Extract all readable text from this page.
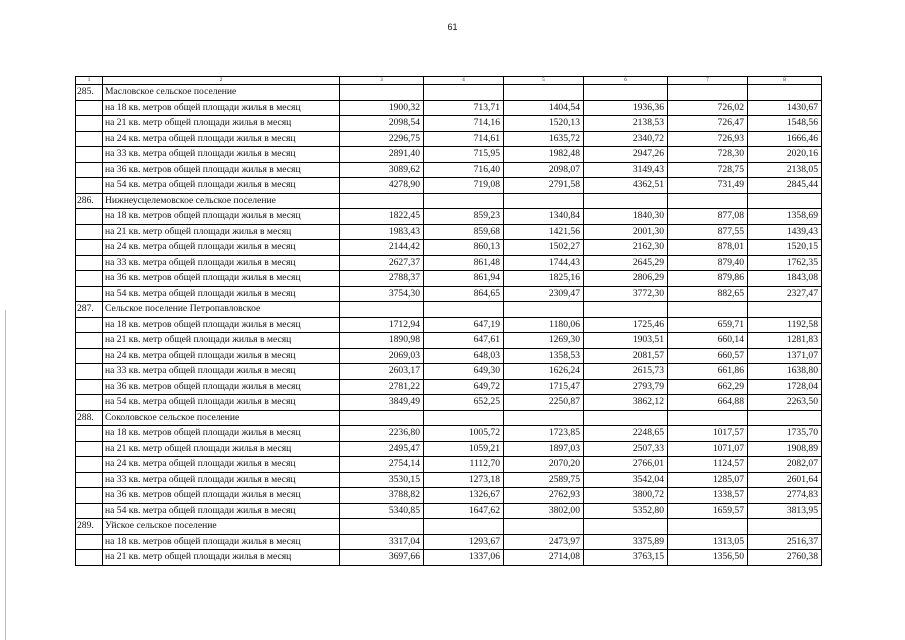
61
1	2	3	4	5	6	7	8
285.	Масловское сельское поселение						
	на 18 кв. метров общей площади жилья в месяц	1900,32	713,71	1404,54	1936,36	726,02	1430,67
	на 21 кв. метр общей площади жилья в месяц	2098,54	714,16	1520,13	2138,53	726,47	1548,56
	на 24 кв. метра общей площади жилья в месяц	2296,75	714,61	1635,72	2340,72	726,93	1666,46
	на 33 кв. метра общей площади жилья в месяц	2891,40	715,95	1982,48	2947,26	728,30	2020,16
	на 36 кв. метров общей площади жилья в месяц	3089,62	716,40	2098,07	3149,43	728,75	2138,05
	на 54 кв. метра общей площади жилья в месяц	4278,90	719,08	2791,58	4362,51	731,49	2845,44
286.	Нижнеусцелемовское сельское поселение						
	на 18 кв. метров общей площади жилья в месяц	1822,45	859,23	1340,84	1840,30	877,08	1358,69
	на 21 кв. метр общей площади жилья в месяц	1983,43	859,68	1421,56	2001,30	877,55	1439,43
	на 24 кв. метра общей площади жилья в месяц	2144,42	860,13	1502,27	2162,30	878,01	1520,15
	на 33 кв. метра общей площади жилья в месяц	2627,37	861,48	1744,43	2645,29	879,40	1762,35
	на 36 кв. метров общей площади жилья в месяц	2788,37	861,94	1825,16	2806,29	879,86	1843,08
	на 54 кв. метра общей площади жилья в месяц	3754,30	864,65	2309,47	3772,30	882,65	2327,47
287.	Сельское поселение Петропавловское						
	на 18 кв. метров общей площади жилья в месяц	1712,94	647,19	1180,06	1725,46	659,71	1192,58
	на 21 кв. метр общей площади жилья в месяц	1890,98	647,61	1269,30	1903,51	660,14	1281,83
	на 24 кв. метра общей площади жилья в месяц	2069,03	648,03	1358,53	2081,57	660,57	1371,07
	на 33 кв. метра общей площади жилья в месяц	2603,17	649,30	1626,24	2615,73	661,86	1638,80
	на 36 кв. метров общей площади жилья в месяц	2781,22	649,72	1715,47	2793,79	662,29	1728,04
	на 54 кв. метра общей площади жилья в месяц	3849,49	652,25	2250,87	3862,12	664,88	2263,50
288.	Соколовское сельское поселение						
	на 18 кв. метров общей площади жилья в месяц	2236,80	1005,72	1723,85	2248,65	1017,57	1735,70
	на 21 кв. метр общей площади жилья в месяц	2495,47	1059,21	1897,03	2507,33	1071,07	1908,89
	на 24 кв. метра общей площади жилья в месяц	2754,14	1112,70	2070,20	2766,01	1124,57	2082,07
	на 33 кв. метра общей площади жилья в месяц	3530,15	1273,18	2589,75	3542,04	1285,07	2601,64
	на 36 кв. метров общей площади жилья в месяц	3788,82	1326,67	2762,93	3800,72	1338,57	2774,83
	на 54 кв. метра общей площади жилья в месяц	5340,85	1647,62	3802,00	5352,80	1659,57	3813,95
289.	Уйское сельское поселение						
	на 18 кв. метров общей площади жилья в месяц	3317,04	1293,67	2473,97	3375,89	1313,05	2516,37
	на 21 кв. метр общей площади жилья в месяц	3697,66	1337,06	2714,08	3763,15	1356,50	2760,38
